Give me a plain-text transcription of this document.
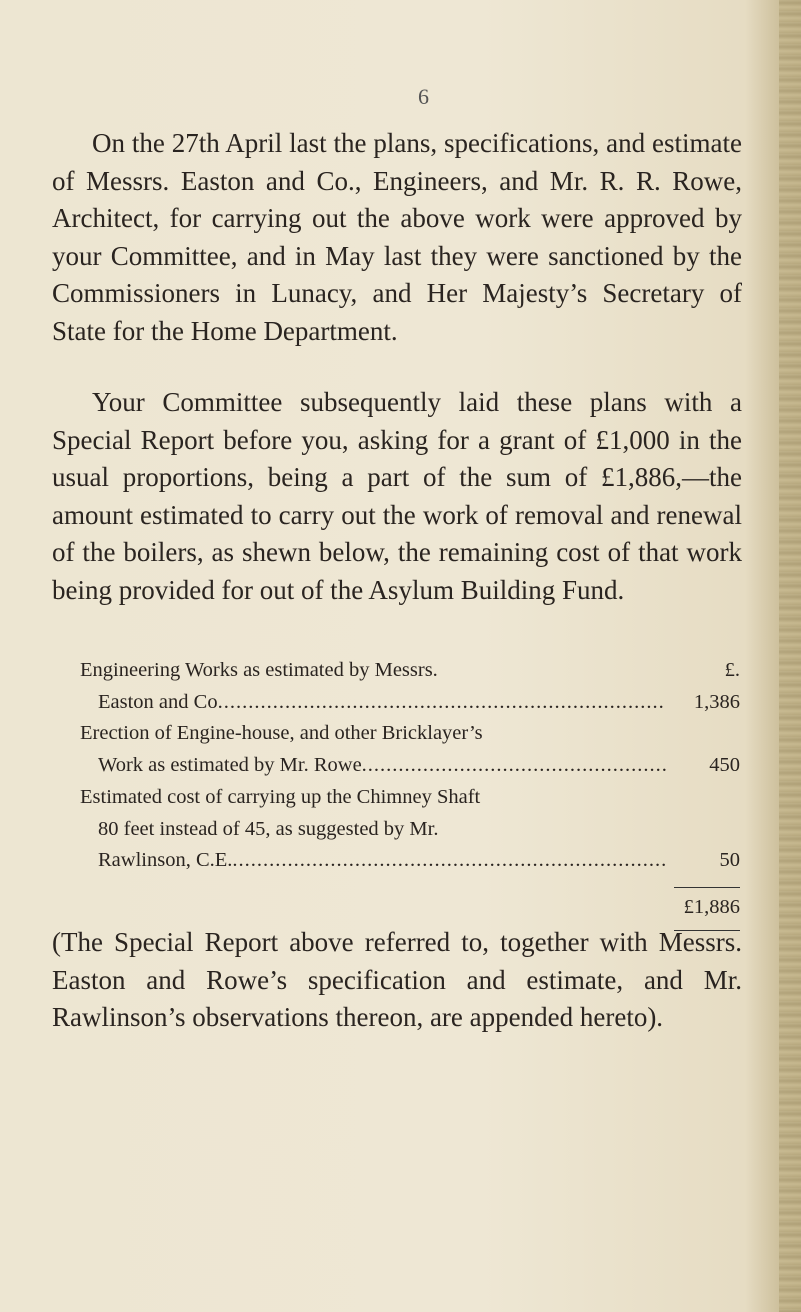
6

On the 27th April last the plans, specifications, and estimate of Messrs. Easton and Co., Engineers, and Mr. R. R. Rowe, Architect, for carrying out the above work were approved by your Committee, and in May last they were sanctioned by the Commissioners in Lunacy, and Her Majesty’s Secretary of State for the Home Department.

Your Committee subsequently laid these plans with a Special Report before you, asking for a grant of £1,000 in the usual proportions, being a part of the sum of £1,886,—the amount estimated to carry out the work of removal and renewal of the boilers, as shewn below, the remaining cost of that work being provided for out of the Asylum Building Fund.

Engineering Works as estimated by Messrs.	£.
Easton and Co .....	1,386
Erection of Engine-house, and other Bricklayer’s
Work as estimated by Mr. Rowe .....	450
Estimated cost of carrying up the Chimney Shaft
80 feet instead of 45, as suggested by Mr.
Rawlinson, C.E. .....	50
£1,886

(The Special Report above referred to, together with Messrs. Easton and Rowe’s specification and estimate, and Mr. Rawlinson’s observations thereon, are appended hereto).
